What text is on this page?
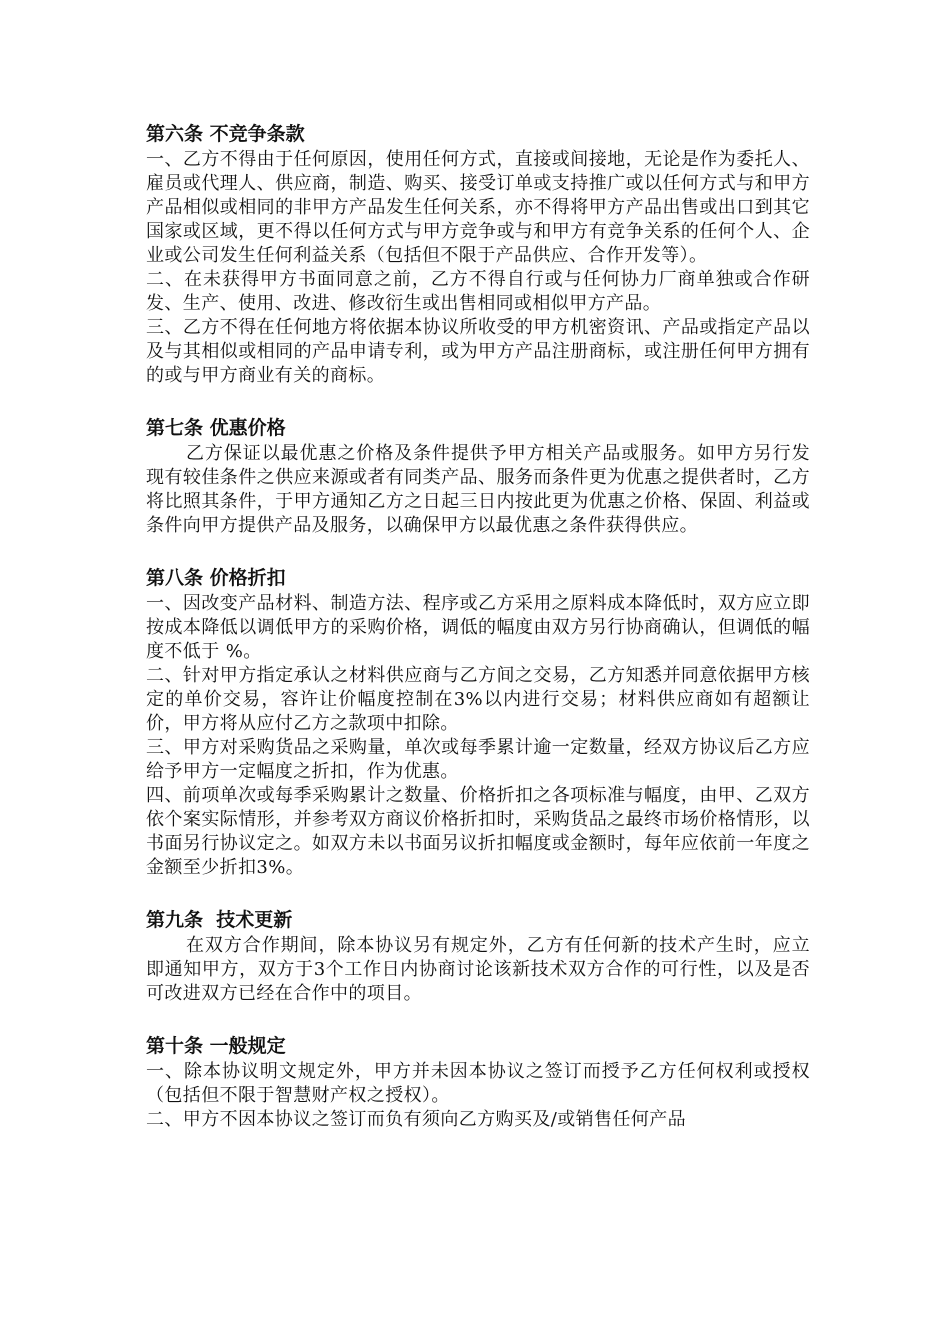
第六条 不竞争条款

一、乙方不得由于任何原因，使用任何方式，直接或间接地，无论是作为委托人、雇员或代理人、供应商，制造、购买、接受订单或支持推广或以任何方式与和甲方产品相似或相同的非甲方产品发生任何关系，亦不得将甲方产品出售或出口到其它国家或区域，更不得以任何方式与甲方竞争或与和甲方有竞争关系的任何个人、企业或公司发生任何利益关系（包括但不限于产品供应、合作开发等）。

二、在未获得甲方书面同意之前，乙方不得自行或与任何协力厂商单独或合作研发、生产、使用、改进、修改衍生或出售相同或相似甲方产品。

三、乙方不得在任何地方将依据本协议所收受的甲方机密资讯、产品或指定产品以及与其相似或相同的产品申请专利，或为甲方产品注册商标，或注册任何甲方拥有的或与甲方商业有关的商标。

第七条 优惠价格

乙方保证以最优惠之价格及条件提供予甲方相关产品或服务。如甲方另行发现有较佳条件之供应来源或者有同类产品、服务而条件更为优惠之提供者时，乙方将比照其条件，于甲方通知乙方之日起三日内按此更为优惠之价格、保固、利益或条件向甲方提供产品及服务，以确保甲方以最优惠之条件获得供应。

第八条 价格折扣

一、因改变产品材料、制造方法、程序或乙方采用之原料成本降低时，双方应立即按成本降低以调低甲方的采购价格，调低的幅度由双方另行协商确认，但调低的幅度不低于 %。

二、针对甲方指定承认之材料供应商与乙方间之交易，乙方知悉并同意依据甲方核定的单价交易，容许让价幅度控制在3%以内进行交易；材料供应商如有超额让价，甲方将从应付乙方之款项中扣除。

三、甲方对采购货品之采购量，单次或每季累计逾一定数量，经双方协议后乙方应给予甲方一定幅度之折扣，作为优惠。

四、前项单次或每季采购累计之数量、价格折扣之各项标准与幅度，由甲、乙双方依个案实际情形，并参考双方商议价格折扣时，采购货品之最终市场价格情形，以书面另行协议定之。如双方未以书面另议折扣幅度或金额时，每年应依前一年度之金额至少折扣3%。

第九条  技术更新

在双方合作期间，除本协议另有规定外，乙方有任何新的技术产生时，应立即通知甲方，双方于3个工作日内协商讨论该新技术双方合作的可行性，以及是否可改进双方已经在合作中的项目。

第十条 一般规定

一、除本协议明文规定外，甲方并未因本协议之签订而授予乙方任何权利或授权（包括但不限于智慧财产权之授权）。

二、甲方不因本协议之签订而负有须向乙方购买及/或销售任何产品
